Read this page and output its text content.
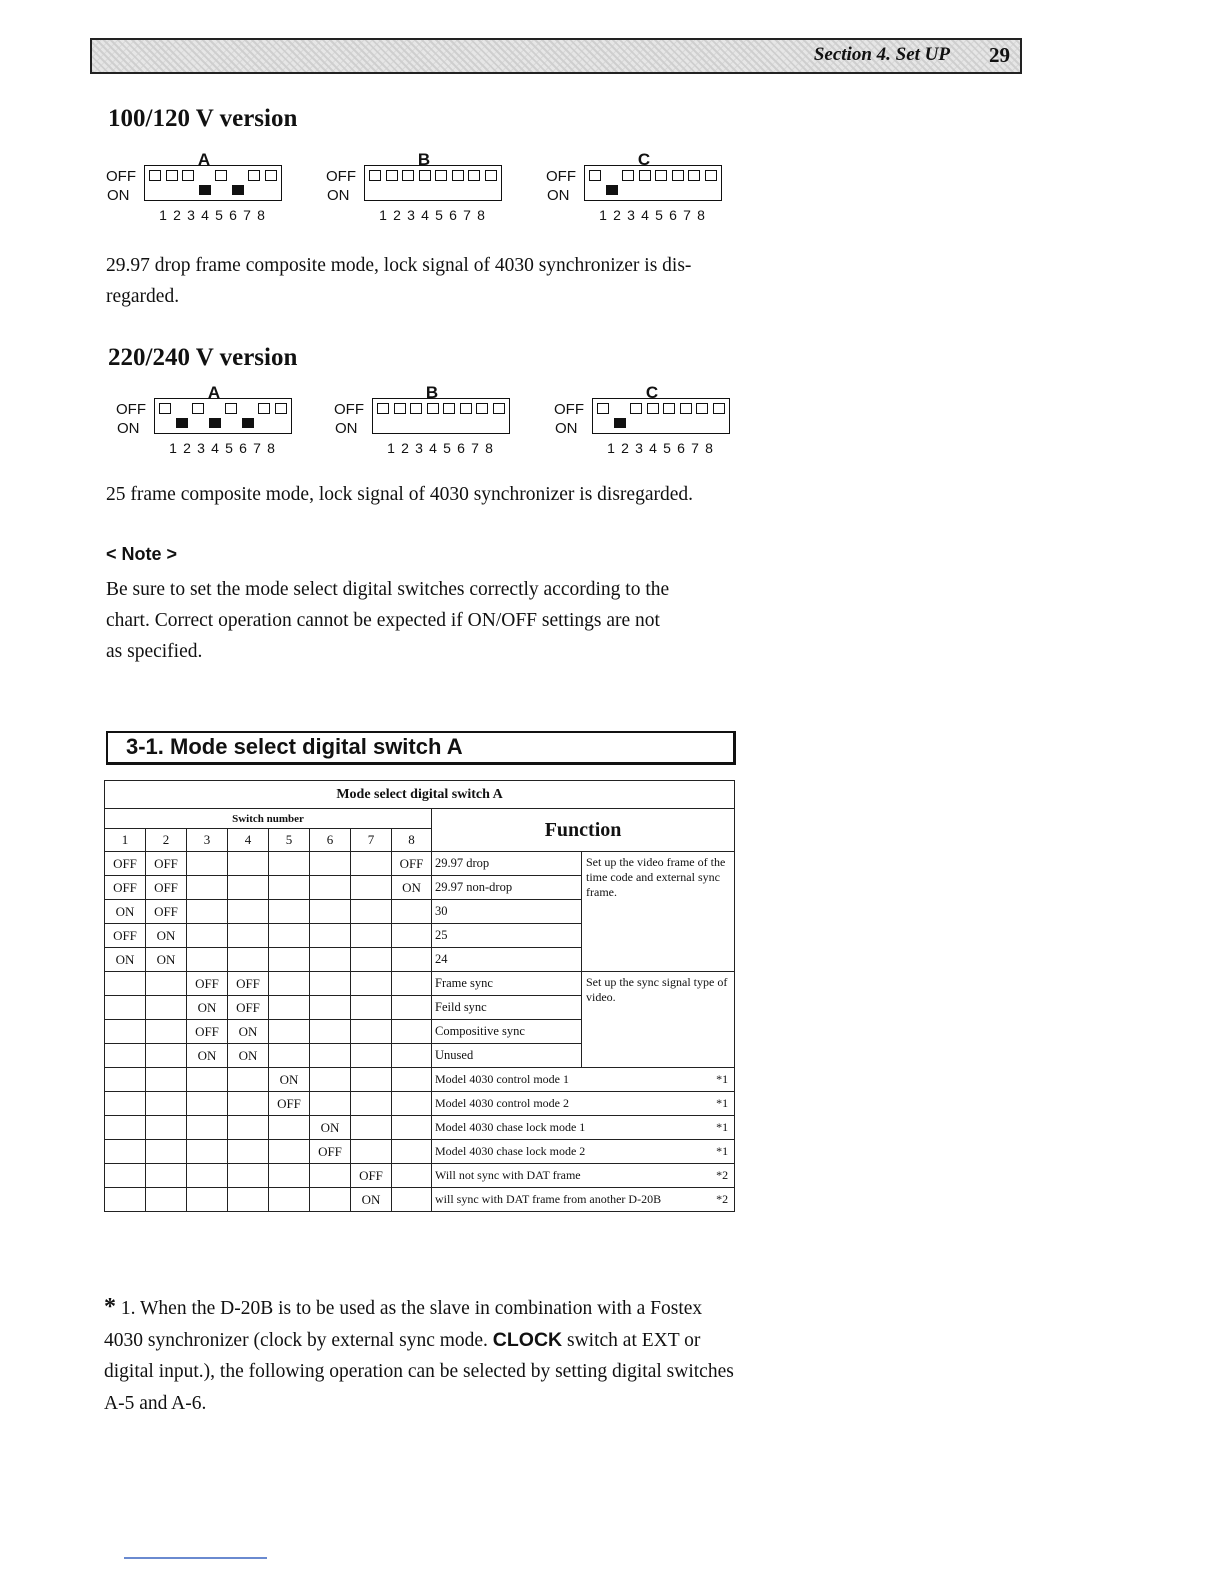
Section 4. Set UP 29
100/120 V version
A
OFF
ON
1 2 3 4 5 6 7 8
B
OFF
ON
1 2 3 4 5 6 7 8
C
OFF
ON
1 2 3 4 5 6 7 8
29.97 drop frame composite mode, lock signal of 4030 synchronizer is dis-
regarded.
220/240 V version
A
OFF
ON
1 2 3 4 5 6 7 8
B
OFF
ON
1 2 3 4 5 6 7 8
C
OFF
ON
1 2 3 4 5 6 7 8
25 frame composite mode, lock signal of 4030 synchronizer is disregarded.
< Note >
Be sure to set the mode select digital switches correctly according to the
chart. Correct operation cannot be expected if ON/OFF settings are not
as specified.
3-1. Mode select digital switch A
Mode select digital switch A									
Switch number								Function	
1	2	3	4	5	6	7	8		
OFF	OFF						OFF	29.97 drop	Set up the video frame of the time code and external sync frame.
OFF	OFF						ON	29.97 non-drop	
ON	OFF							30	
OFF	ON							25	
ON	ON							24	
		OFF	OFF					Frame sync	Set up the sync signal type of video.
		ON	OFF					Feild sync	
		OFF	ON					Compositive sync	
		ON	ON					Unused	
				ON				Model 4030 control mode 1 *1	

				OFF				Model 4030 control mode 2 *1	

					ON			Model 4030 chase lock mode 1 *1	

					OFF			Model 4030 chase lock mode 2 *1	

						OFF		Will not sync with DAT frame *2	

						ON		will sync with DAT frame from another D-20B *2	
* 1. When the D-20B is to be used as the slave in combination with a Fostex 4030 synchronizer (clock by external sync mode. CLOCK switch at EXT or digital input.), the following operation can be selected by setting digital switches A-5 and A-6.
